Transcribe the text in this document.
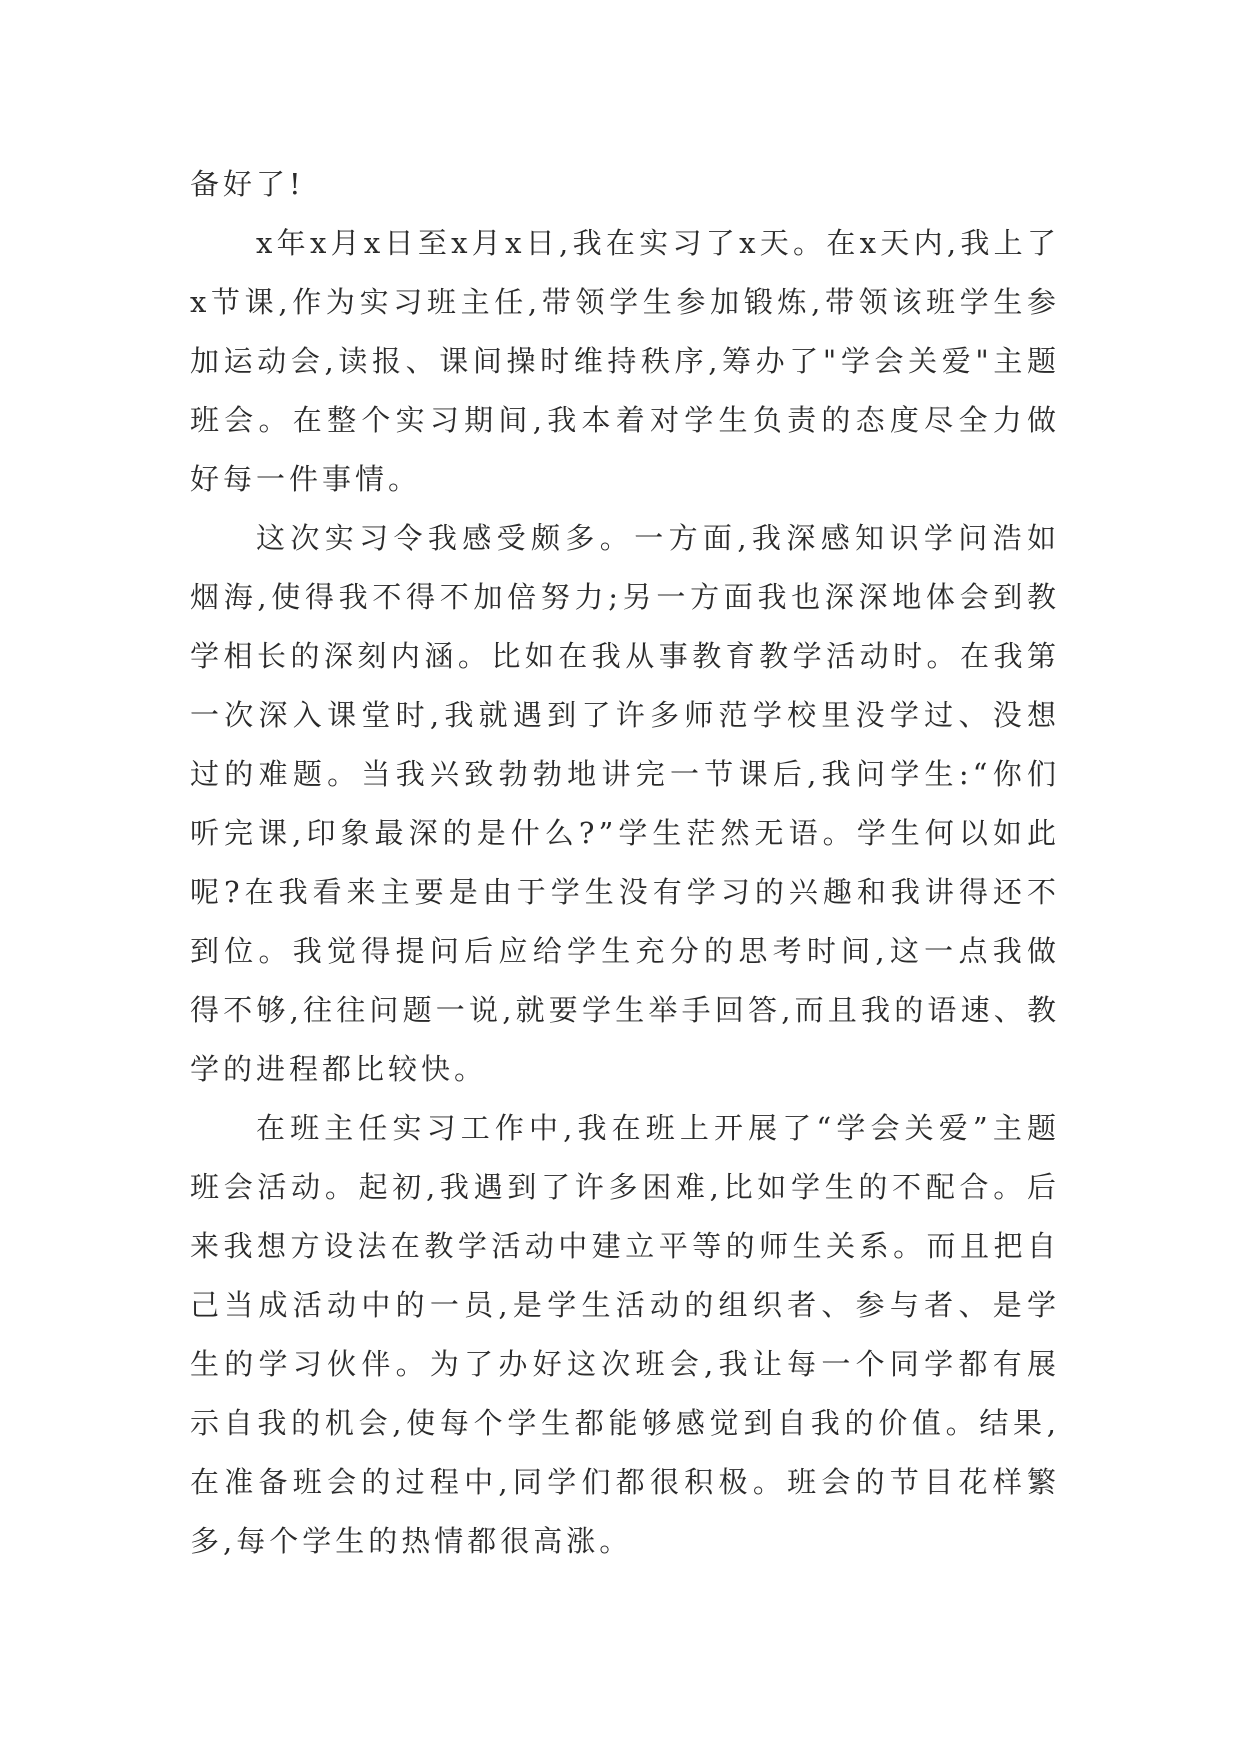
备好了!

x年x月x日至x月x日,我在实习了x天。在x天内,我上了x节课,作为实习班主任,带领学生参加锻炼,带领该班学生参加运动会,读报、课间操时维持秩序,筹办了"学会关爱"主题班会。在整个实习期间,我本着对学生负责的态度尽全力做好每一件事情。

这次实习令我感受颇多。一方面,我深感知识学问浩如烟海,使得我不得不加倍努力;另一方面我也深深地体会到教学相长的深刻内涵。比如在我从事教育教学活动时。在我第一次深入课堂时,我就遇到了许多师范学校里没学过、没想过的难题。当我兴致勃勃地讲完一节课后,我问学生:“你们听完课,印象最深的是什么?”学生茫然无语。学生何以如此呢?在我看来主要是由于学生没有学习的兴趣和我讲得还不到位。我觉得提问后应给学生充分的思考时间,这一点我做得不够,往往问题一说,就要学生举手回答,而且我的语速、教学的进程都比较快。

在班主任实习工作中,我在班上开展了“学会关爱”主题班会活动。起初,我遇到了许多困难,比如学生的不配合。后来我想方设法在教学活动中建立平等的师生关系。而且把自己当成活动中的一员,是学生活动的组织者、参与者、是学生的学习伙伴。为了办好这次班会,我让每一个同学都有展示自我的机会,使每个学生都能够感觉到自我的价值。结果,在准备班会的过程中,同学们都很积极。班会的节目花样繁多,每个学生的热情都很高涨。
